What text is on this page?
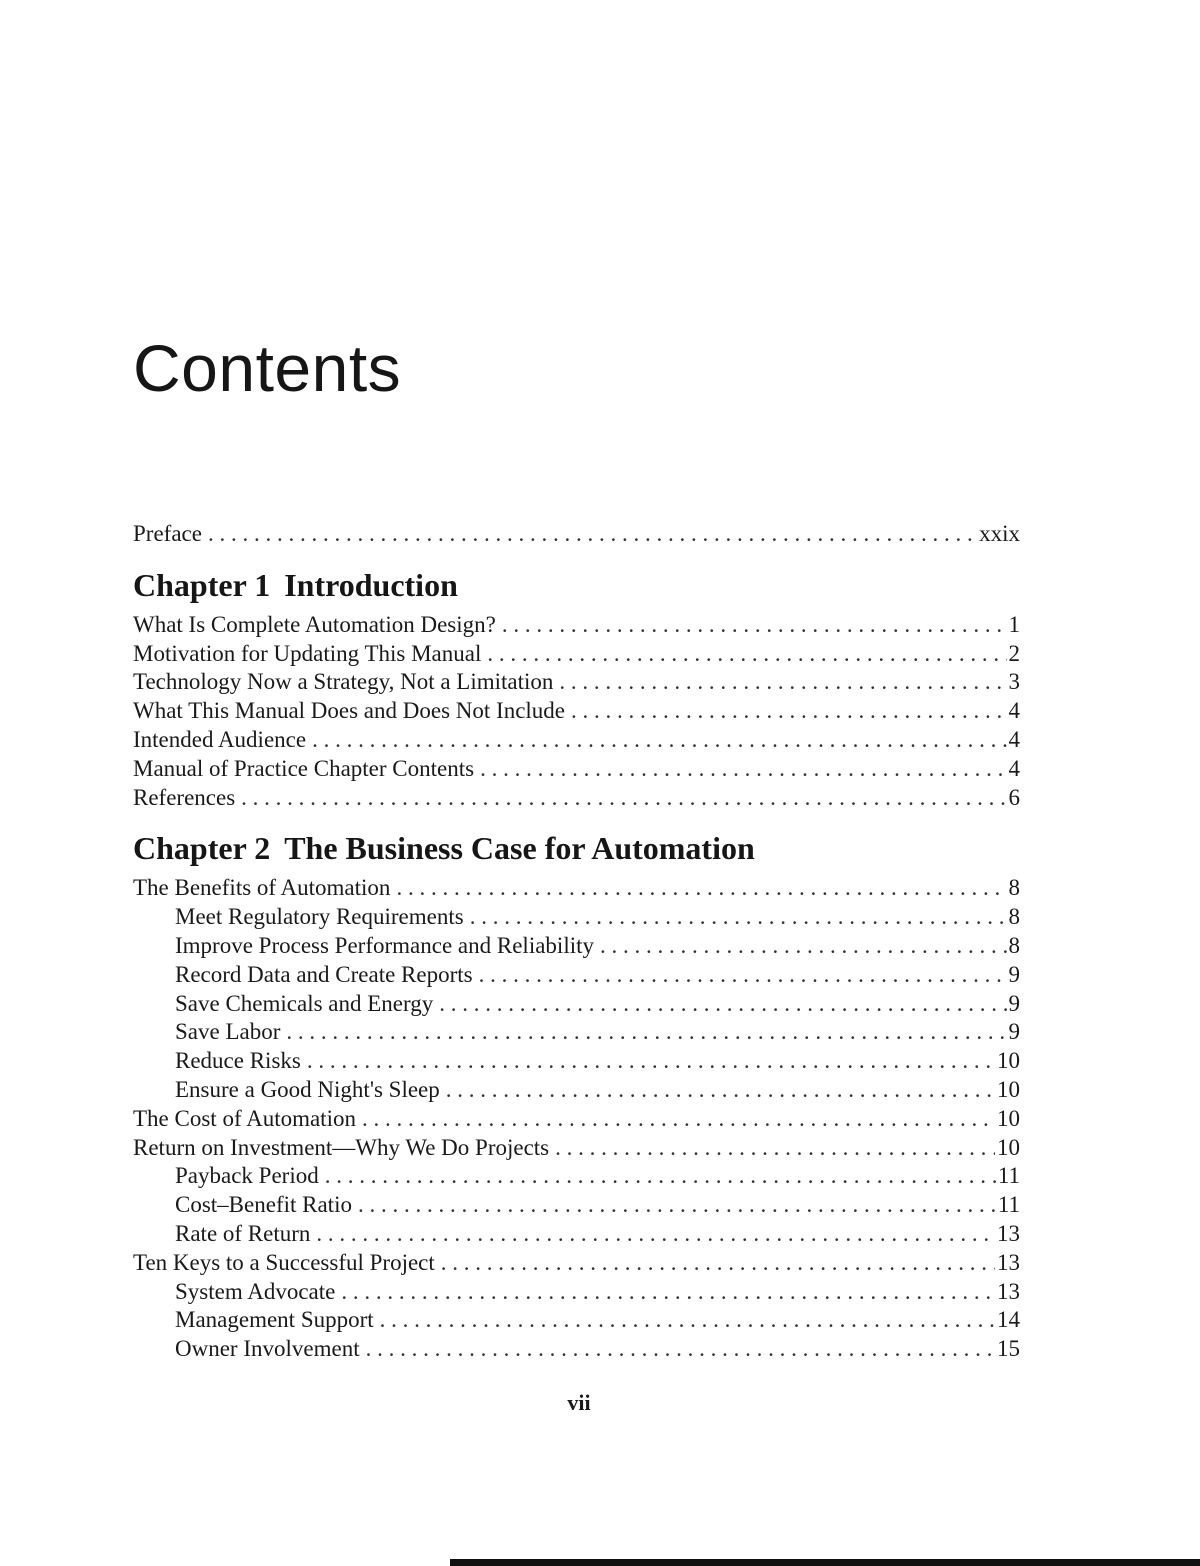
Contents
Preface . . .	xxix
Chapter 1 Introduction
What Is Complete Automation Design? . . .	1
Motivation for Updating This Manual . . .	2
Technology Now a Strategy, Not a Limitation . . .	3
What This Manual Does and Does Not Include . . .	4
Intended Audience . . .	4
Manual of Practice Chapter Contents . . .	4
References . . .	6
Chapter 2 The Business Case for Automation
The Benefits of Automation . . .	8
Meet Regulatory Requirements . . .	8
Improve Process Performance and Reliability . . .	8
Record Data and Create Reports . . .	9
Save Chemicals and Energy . . .	9
Save Labor . . .	9
Reduce Risks . . .	10
Ensure a Good Night's Sleep . . .	10
The Cost of Automation . . .	10
Return on Investment—Why We Do Projects . . .	10
Payback Period . . .	11
Cost–Benefit Ratio . . .	11
Rate of Return . . .	13
Ten Keys to a Successful Project . . .	13
System Advocate . . .	13
Management Support . . .	14
Owner Involvement . . .	15
vii
